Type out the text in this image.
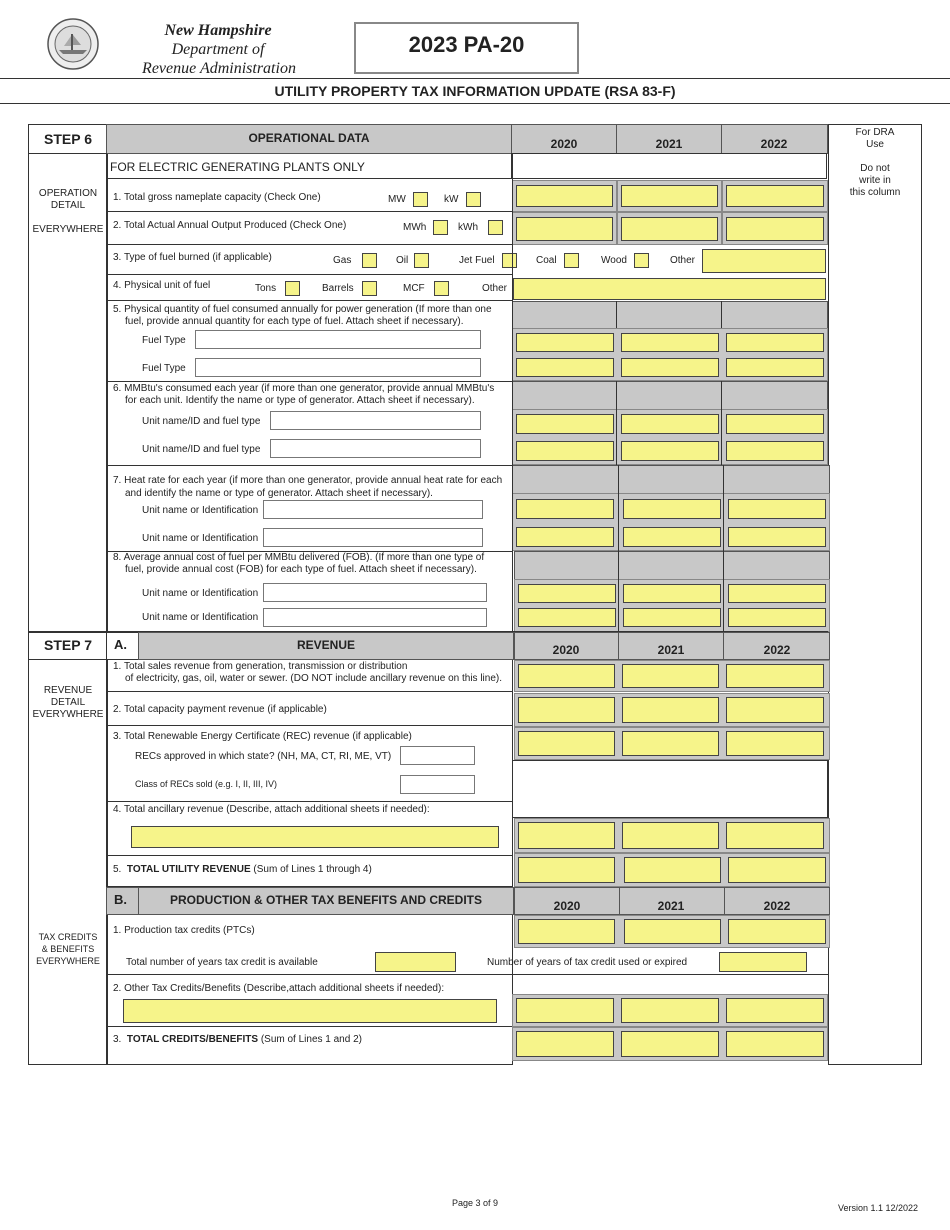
New Hampshire
Department of
Revenue Administration
2023 PA-20
UTILITY PROPERTY TAX INFORMATION UPDATE (RSA 83-F)
For DRA
Use
Do not
write in
this column
STEP 6	OPERATIONAL DATA	2020	2021	2022
FOR ELECTRIC GENERATING PLANTS ONLY
OPERATION
DETAIL
EVERYWHERE
1. Total gross nameplate capacity (Check One)	MW	kW
2. Total Actual Annual Output Produced (Check One)	MWh	kWh
3. Type of fuel burned (if applicable)	Gas	Oil	Jet Fuel	Coal	Wood	Other
4. Physical unit of fuel	Tons	Barrels	MCF	Other
5. Physical quantity of fuel consumed annually for power generation (If more than one
fuel, provide annual quantity for each type of fuel. Attach sheet if necessary).
Fuel Type
Fuel Type
6. MMBtu's consumed each year (if more than one generator, provide annual MMBtu's
for each unit. Identify the name or type of generator. Attach sheet if necessary).
Unit name/ID and fuel type
Unit name/ID and fuel type
7. Heat rate for each year (if more than one generator, provide annual heat rate for each
and identify the name or type of generator. Attach sheet if necessary).
Unit name or Identification
Unit name or Identification
8. Average annual cost of fuel per MMBtu delivered (FOB). (If more than one type of
fuel, provide annual cost (FOB) for each type of fuel. Attach sheet if necessary).
Unit name or Identification
Unit name or Identification
STEP 7	A.	REVENUE	2020	2021	2022
REVENUE
DETAIL
EVERYWHERE
1. Total sales revenue from generation, transmission or distribution
of electricity, gas, oil, water or sewer. (DO NOT include ancillary revenue on this line).
2. Total capacity payment revenue (if applicable)
3. Total Renewable Energy Certificate (REC) revenue (if applicable)
RECs approved in which state? (NH, MA, CT, RI, ME, VT)
Class of RECs sold (e.g. I, II, III, IV)
4. Total ancillary revenue (Describe, attach additional sheets if needed):
5. TOTAL UTILITY REVENUE (Sum of Lines 1 through 4)
B.	PRODUCTION & OTHER TAX BENEFITS AND CREDITS	2020	2021	2022
TAX CREDITS
& BENEFITS
EVERYWHERE
1. Production tax credits (PTCs)
Total number of years tax credit is available	Number of years of tax credit used or expired
2. Other Tax Credits/Benefits (Describe,attach additional sheets if needed):
3. TOTAL CREDITS/BENEFITS (Sum of Lines 1 and 2)
Page 3 of 9	Version 1.1 12/2022
